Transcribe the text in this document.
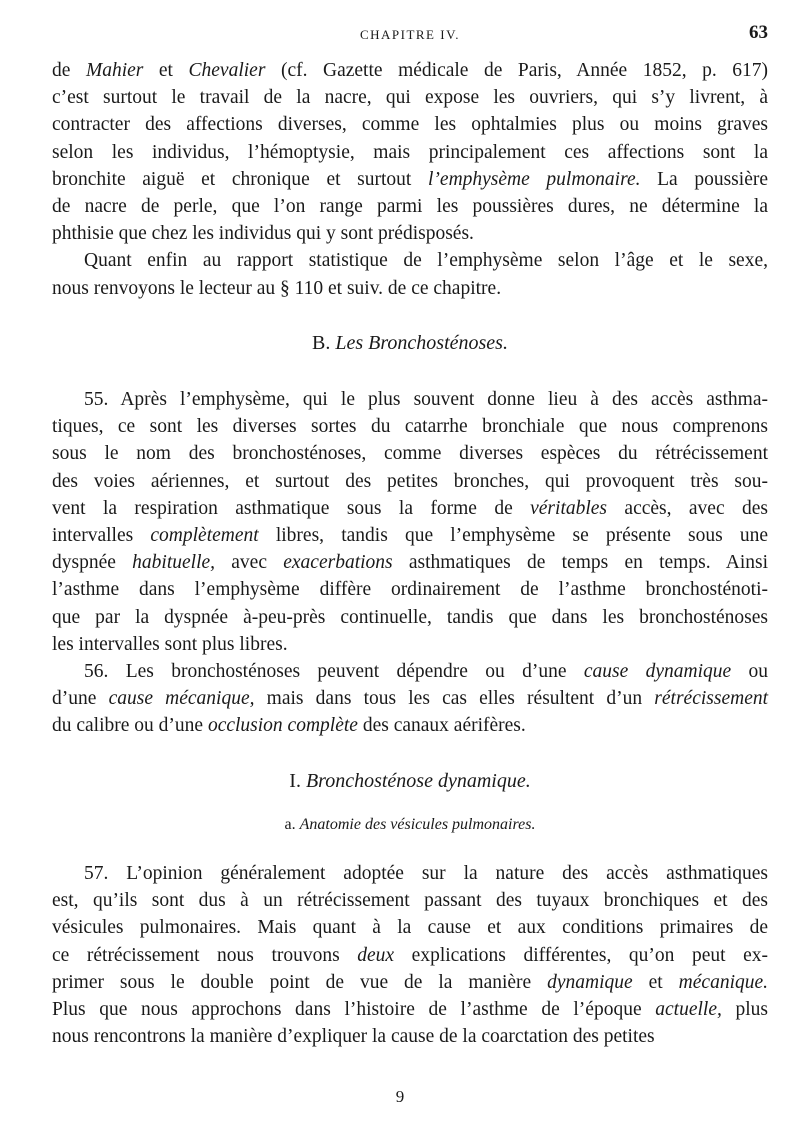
CHAPITRE IV.	63

de Mahier et Chevalier (cf. Gazette médicale de Paris, Année 1852, p. 617)
c’est surtout le travail de la nacre, qui expose les ouvriers, qui s’y livrent, à
contracter des affections diverses, comme les ophtalmies plus ou moins graves
selon les individus, l’hémoptysie, mais principalement ces affections sont la
bronchite aiguë et chronique et surtout l’emphysème pulmonaire. La poussière
de nacre de perle, que l’on range parmi les poussières dures, ne détermine la
phthisie que chez les individus qui y sont prédisposés.

Quant enfin au rapport statistique de l’emphysème selon l’âge et le sexe,
nous renvoyons le lecteur au § 110 et suiv. de ce chapitre.

B. Les Bronchosténoses.

55. Après l’emphysème, qui le plus souvent donne lieu à des accès asthma-
tiques, ce sont les diverses sortes du catarrhe bronchiale que nous comprenons
sous le nom des bronchosténoses, comme diverses espèces du rétrécissement
des voies aériennes, et surtout des petites bronches, qui provoquent très sou-
vent la respiration asthmatique sous la forme de véritables accès, avec des
intervalles complètement libres, tandis que l’emphysème se présente sous une
dyspnée habituelle, avec exacerbations asthmatiques de temps en temps. Ainsi
l’asthme dans l’emphysème diffère ordinairement de l’asthme bronchosténoti-
que par la dyspnée à-peu-près continuelle, tandis que dans les bronchosténoses
les intervalles sont plus libres.

56. Les bronchosténoses peuvent dépendre ou d’une cause dynamique ou
d’une cause mécanique, mais dans tous les cas elles résultent d’un rétrécissement
du calibre ou d’une occlusion complète des canaux aérifères.

I. Bronchosténose dynamique.

a. Anatomie des vésicules pulmonaires.

57. L’opinion généralement adoptée sur la nature des accès asthmatiques
est, qu’ils sont dus à un rétrécissement passant des tuyaux bronchiques et des
vésicules pulmonaires. Mais quant à la cause et aux conditions primaires de
ce rétrécissement nous trouvons deux explications différentes, qu’on peut ex-
primer sous le double point de vue de la manière dynamique et mécanique.
Plus que nous approchons dans l’histoire de l’asthme de l’époque actuelle, plus
nous rencontrons la manière d’expliquer la cause de la coarctation des petites

9
